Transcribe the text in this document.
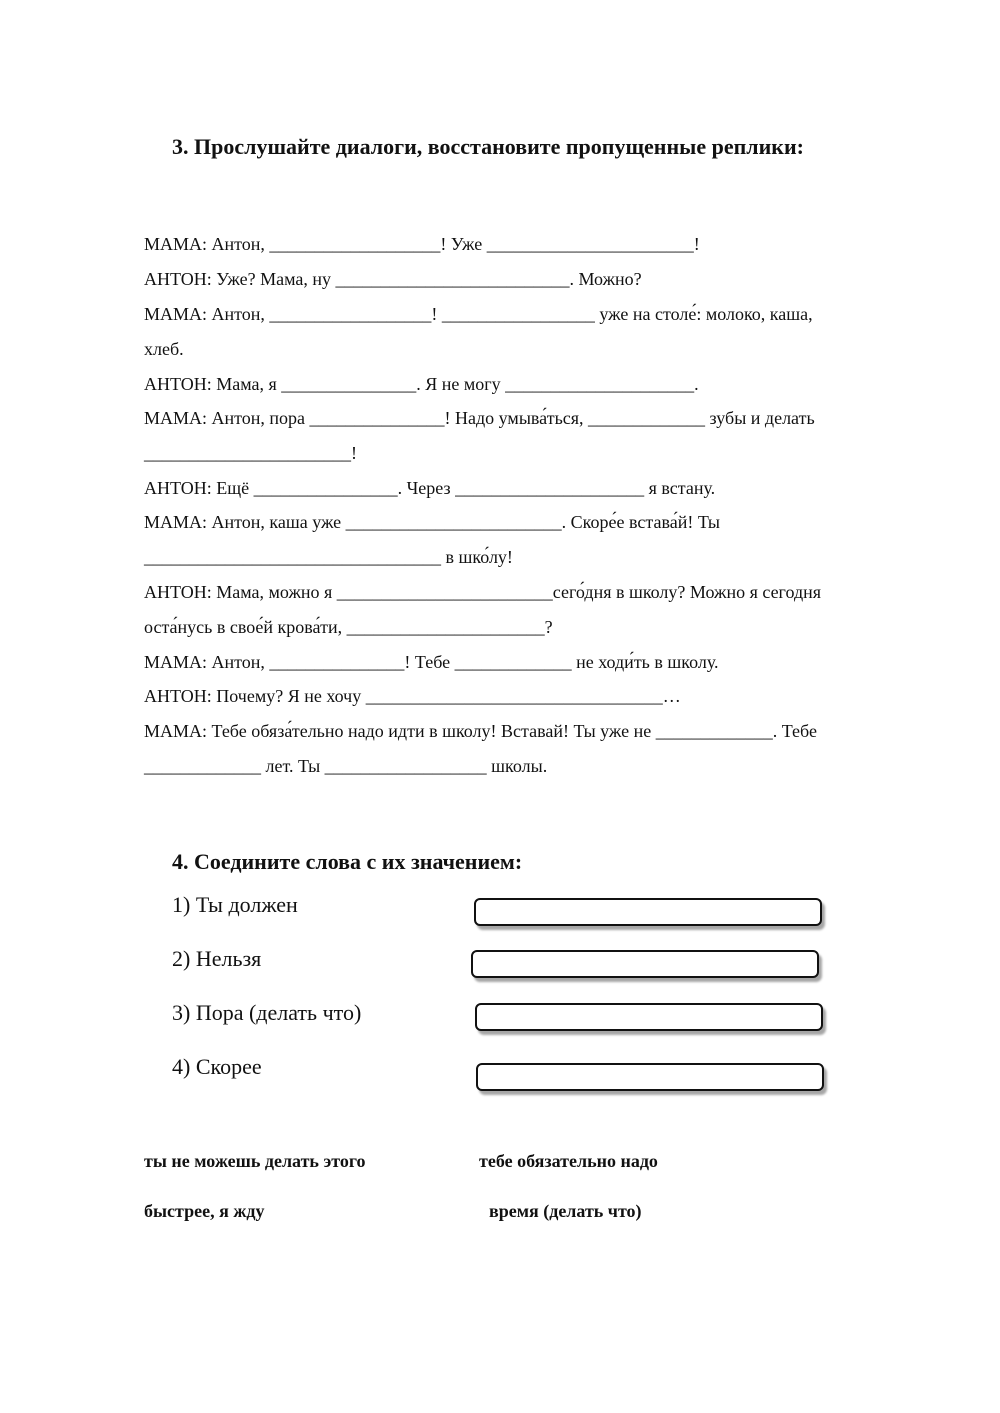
3. Прослушайте диалоги, восстановите пропущенные реплики:
МАМА: Антон, ___________________! Уже _______________________!
АНТОН: Уже? Мама, ну __________________________. Можно?
МАМА: Антон, __________________! _________________ уже на столе́: молоко, каша,
хлеб.
АНТОН: Мама, я _______________. Я не могу _____________________.
МАМА: Антон, пора _______________! Надо умыва́ться, _____________ зубы и делать
_______________________!
АНТОН: Ещё ________________. Через _____________________ я встану.
МАМА: Антон, каша уже ________________________. Скоре́е встава́й! Ты
_________________________________ в шко́лу!
АНТОН: Мама, можно я ________________________сего́дня в школу? Можно я сегодня
оста́нусь в свое́й крова́ти, ______________________?
МАМА: Антон, _______________! Тебе _____________ не ходи́ть в школу.
АНТОН: Почему? Я не хочу _________________________________…
МАМА: Тебе обяза́тельно надо идти в школу! Вставай! Ты уже не _____________. Тебе
_____________ лет. Ты __________________ школы.
4. Соедините слова с их значением:
1) Ты должен
2) Нельзя
3) Пора (делать что)
4) Скорее
ты не можешь делать этого	тебе обязательно надо
быстрее, я жду	время (делать что)
